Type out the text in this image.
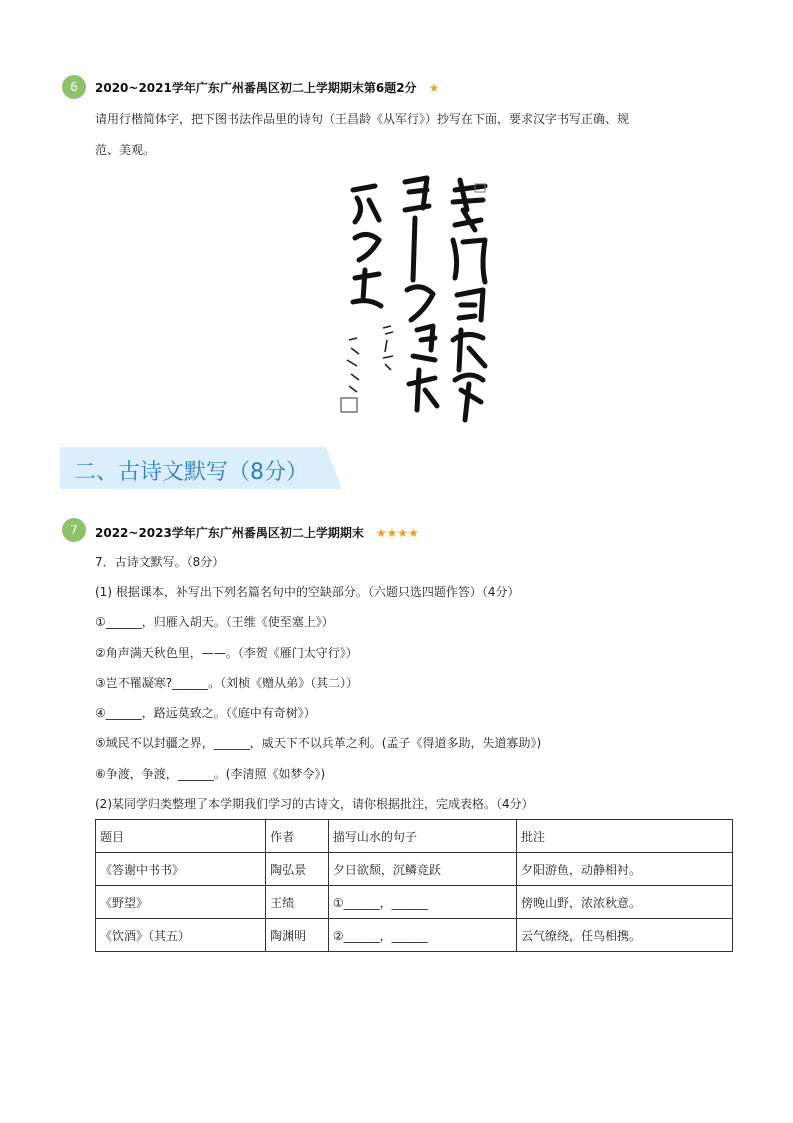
6	2020~2021学年广东广州番禺区初二上学期期末第6题2分 ★
请用行楷简体字，把下图书法作品里的诗句（王昌龄《从军行》）抄写在下面，要求汉字书写正确、规
范、美观。
二、古诗文默写（8分）
7	2022~2023学年广东广州番禺区初二上学期期末 ★★★★
7．古诗文默写。（8分）
(1) 根据课本，补写出下列名篇名句中的空缺部分。（六题只选四题作答）（4分）
①______，归雁入胡天。（王维《使至塞上》）
②角声满天秋色里，——。（李贺《雁门太守行》）
③岂不罹凝寒?______。（刘桢《赠从弟》（其二））
④______，路远莫致之。（《庭中有奇树》）
⑤域民不以封疆之界，______，威天下不以兵革之利。(孟子《得道多助，失道寡助》)
⑥争渡，争渡，______。(李清照《如梦令》)
(2)某同学归类整理了本学期我们学习的古诗文，请你根据批注，完成表格。（4分）
题目	作者	描写山水的句子	批注
《答谢中书书》	陶弘景	夕日欲颓，沉鳞竞跃	夕阳游鱼，动静相衬。
《野望》	王绩	①______，______	傍晚山野，浓浓秋意。
《饮酒》（其五）	陶渊明	②______，______	云气缭绕，任鸟相携。
